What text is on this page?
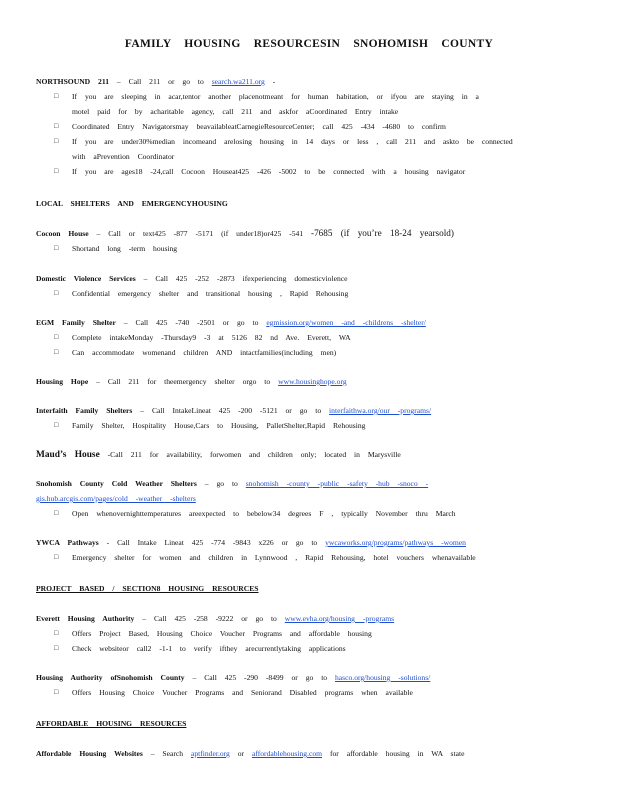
FAMILY HOUSING RESOURCESIN SNOHOMISH COUNTY

NORTHSOUND 211 – Call 211 or go to search.wa211.org -

□ If you are sleeping in acar,tentor another placenotmeant for human habitation, or ifyou are staying in a

motel paid for by acharitable agency, call 211 and askfor aCoordinated Entry intake

□ Coordinated Entry Navigatorsmay beavailableatCarnegieResourceCenter; call 425 -434 -4680 to confirm

□ If you are under30%median incomeand arelosing housing in 14 days or less , call 211 and askto be connected

with aPrevention Coordinator

□ If you are ages18 -24,call Cocoon Houseat425 -426 -5002 to be connected with a housing navigator

LOCAL SHELTERS AND EMERGENCYHOUSING

Cocoon House – Call or text425 -877 -5171 (if under18)or425 -541 -7685 (if you’re 18-24 yearsold)

□ Shortand long -term housing

Domestic Violence Services – Call 425 -252 -2873 ifexperiencing domesticviolence

□ Confidential emergency shelter and transitional housing , Rapid Rehousing

EGM Family Shelter – Call 425 -740 -2501 or go to egmission.org/women -and -childrens -shelter/

□ Complete intakeMonday -Thursday9 -3 at 5126 82 nd Ave. Everett, WA

□ Can accommodate womenand children AND intactfamilies(including men)

Housing Hope – Call 211 for theemergency shelter orgo to www.housinghope.org

Interfaith Family Shelters – Call IntakeLineat 425 -200 -5121 or go to interfaithwa.org/our -programs/

□ Family Shelter, Hospitality House,Cars to Housing, PalletShelter,Rapid Rehousing

Maud’s House -Call 211 for availability, forwomen and children only; located in Marysville

Snohomish County Cold Weather Shelters – go to snohomish -county -public -safety -hub -snoco -

gis.hub.arcgis.com/pages/cold -weather -shelters

□ Open whenovernighttemperatures areexpected to bebelow34 degrees F , typically November thru March

YWCA Pathways - Call Intake Lineat 425 -774 -9843 x226 or go to ywcaworks.org/programs/pathways -women

□ Emergency shelter for women and children in Lynnwood , Rapid Rehousing, hotel vouchers whenavailable

PROJECT BASED / SECTION8 HOUSING RESOURCES

Everett Housing Authority – Call 425 -258 -9222 or go to www.evha.org/housing -programs

□ Offers Project Based, Housing Choice Voucher Programs and affordable housing

□ Check websiteor call2 -1-1 to verify ifthey arecurrentlytaking applications

Housing Authority ofSnohomish County – Call 425 -290 -8499 or go to hasco.org/housing -solutions/

□ Offers Housing Choice Voucher Programs and Seniorand Disabled programs when available

AFFORDABLE HOUSING RESOURCES

Affordable Housing Websites – Search aptfinder.org or affordablehousing.com for affordable housing in WA state
